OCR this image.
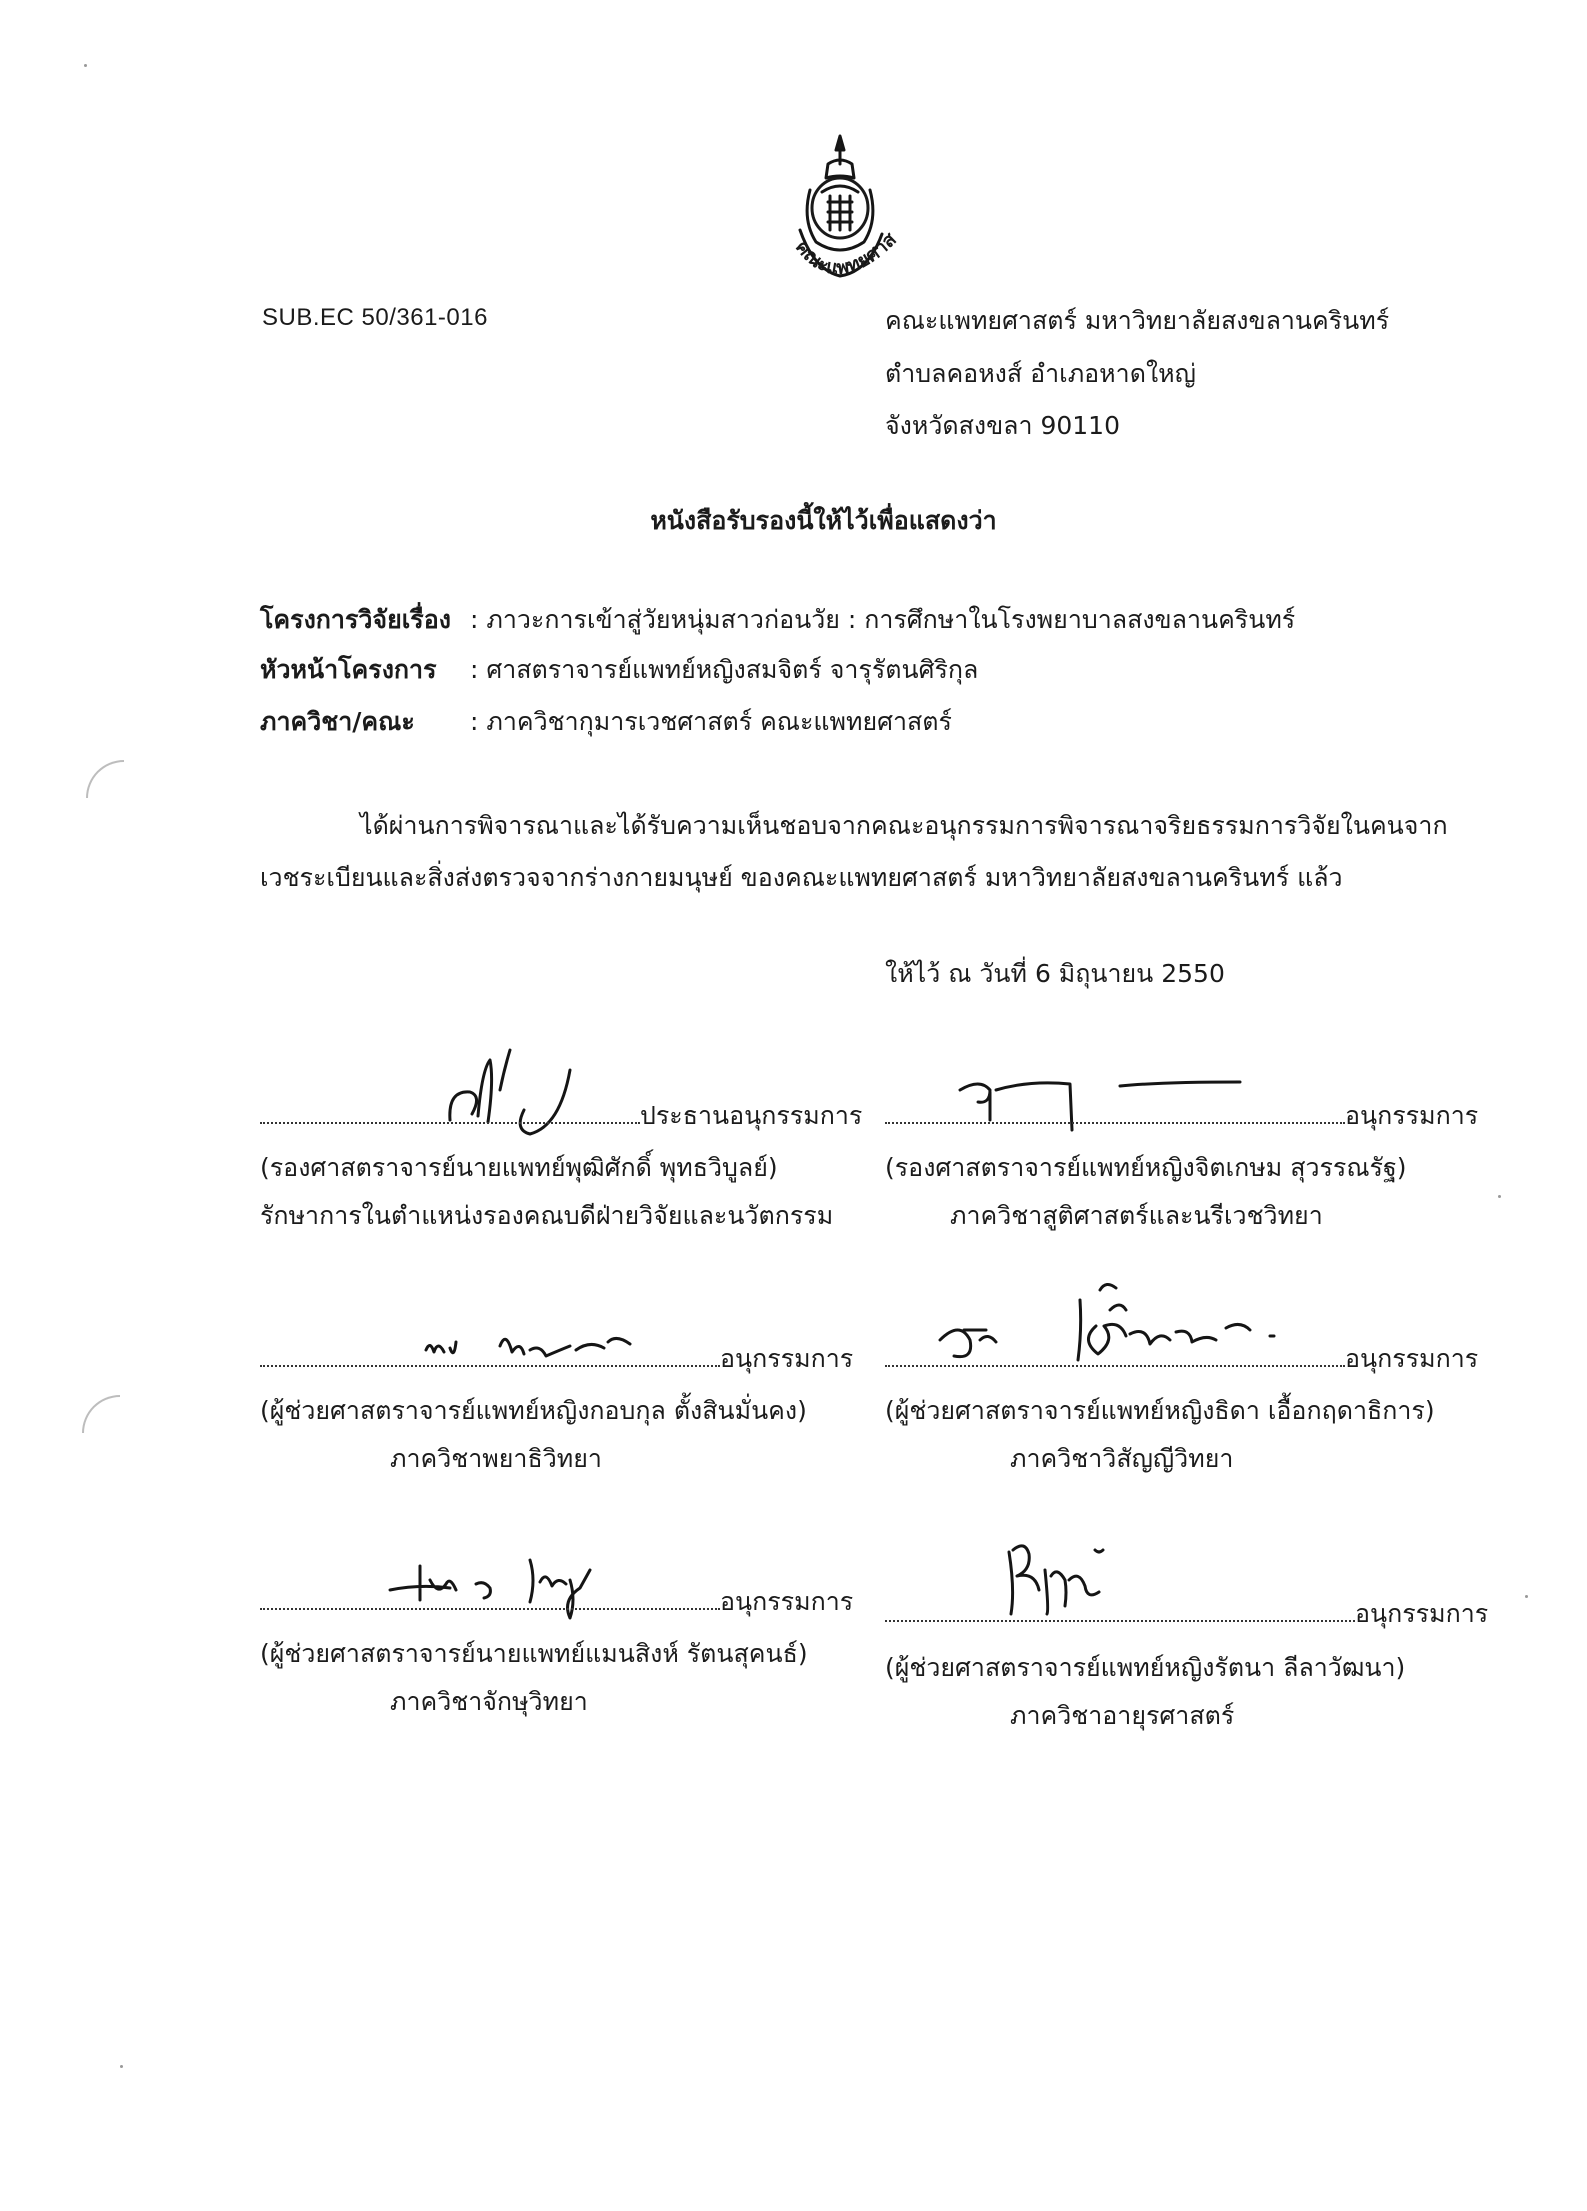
คณะแพทยศาสตร์
SUB.EC 50/361-016	คณะแพทยศาสตร์ มหาวิทยาลัยสงขลานครินทร์
ตำบลคอหงส์ อำเภอหาดใหญ่
จังหวัดสงขลา 90110
หนังสือรับรองนี้ให้ไว้เพื่อแสดงว่า
โครงการวิจัยเรื่อง : ภาวะการเข้าสู่วัยหนุ่มสาวก่อนวัย : การศึกษาในโรงพยาบาลสงขลานครินทร์
หัวหน้าโครงการ : ศาสตราจารย์แพทย์หญิงสมจิตร์ จารุรัตนศิริกุล
ภาควิชา/คณะ : ภาควิชากุมารเวชศาสตร์ คณะแพทยศาสตร์
ได้ผ่านการพิจารณาและได้รับความเห็นชอบจากคณะอนุกรรมการพิจารณาจริยธรรมการวิจัยในคนจาก
เวชระเบียนและสิ่งส่งตรวจจากร่างกายมนุษย์ ของคณะแพทยศาสตร์ มหาวิทยาลัยสงขลานครินทร์ แล้ว
ให้ไว้ ณ วันที่ 6 มิถุนายน 2550
ประธานอนุกรรมการ
(รองศาสตราจารย์นายแพทย์พุฒิศักดิ์ พุทธวิบูลย์)
รักษาการในตำแหน่งรองคณบดีฝ่ายวิจัยและนวัตกรรม
อนุกรรมการ
(รองศาสตราจารย์แพทย์หญิงจิตเกษม สุวรรณรัฐ)
ภาควิชาสูติศาสตร์และนรีเวชวิทยา
อนุกรรมการ
(ผู้ช่วยศาสตราจารย์แพทย์หญิงกอบกุล ตั้งสินมั่นคง)
ภาควิชาพยาธิวิทยา
อนุกรรมการ
(ผู้ช่วยศาสตราจารย์แพทย์หญิงธิดา เอื้อกฤดาธิการ)
ภาควิชาวิสัญญีวิทยา
อนุกรรมการ
(ผู้ช่วยศาสตราจารย์นายแพทย์แมนสิงห์ รัตนสุคนธ์)
ภาควิชาจักษุวิทยา
อนุกรรมการ
(ผู้ช่วยศาสตราจารย์แพทย์หญิงรัตนา ลีลาวัฒนา)
ภาควิชาอายุรศาสตร์
